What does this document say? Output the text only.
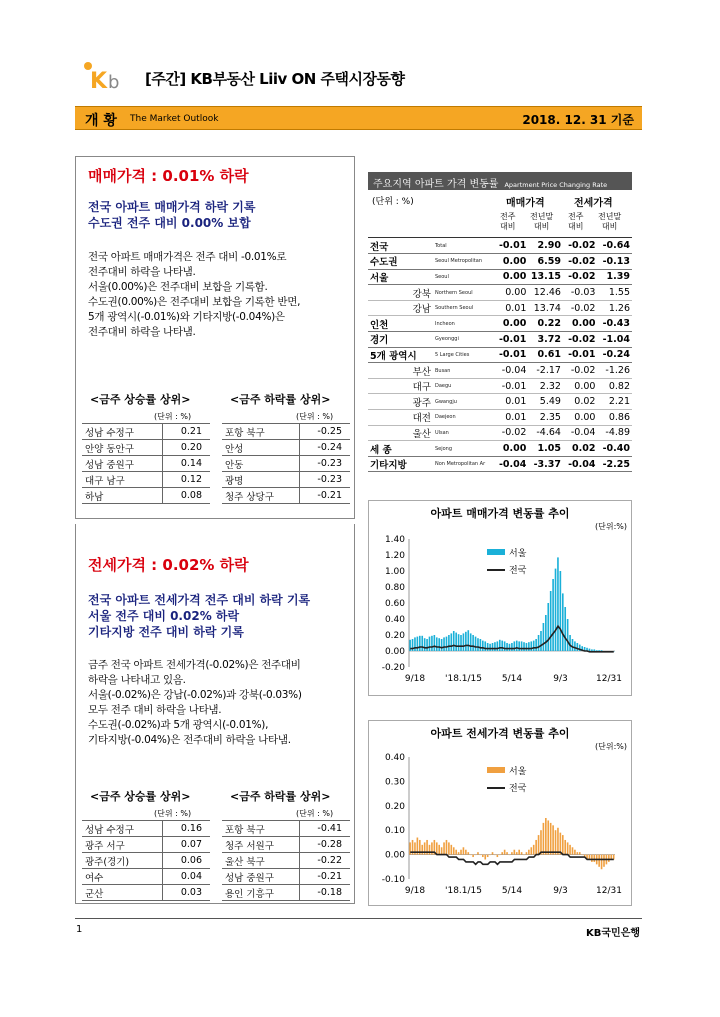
K b [주간] KB부동산 Liiv ON 주택시장동향
개 황 The Market Outlook	2018. 12. 31 기준
매매가격 : 0.01% 하락
전국 아파트 매매가격 하락 기록
수도권 전주 대비 0.00% 보합
전국 아파트 매매가격은 전주 대비 -0.01%로
전주대비 하락을 나타냄.
서울(0.00%)은 전주대비 보합을 기록함.
수도권(0.00%)은 전주대비 보합을 기록한 반면,
5개 광역시(-0.01%)와 기타지방(-0.04%)은
전주대비 하락을 나타냄.
<금주 상승률 상위>	<금주 하락률 상위>
(단위 : %)	(단위 : %)
성남 수정구	0.21
안양 동안구	0.20
성남 중원구	0.14
대구 남구	0.12
하남	0.08
포항 북구	-0.25
안성	-0.24
안동	-0.23
광명	-0.23
청주 상당구	-0.21
전세가격 : 0.02% 하락
전국 아파트 전세가격 전주 대비 하락 기록
서울 전주 대비 0.02% 하락
기타지방 전주 대비 하락 기록
금주 전국 아파트 전세가격(-0.02%)은 전주대비
하락을 나타내고 있음.
서울(-0.02%)은 강남(-0.02%)과 강북(-0.03%)
모두 전주 대비 하락을 나타냄.
수도권(-0.02%)과 5개 광역시(-0.01%),
기타지방(-0.04%)은 전주대비 하락을 나타냄.
<금주 상승률 상위>	<금주 하락률 상위>
(단위 : %)	(단위 : %)
성남 수정구	0.16
광주 서구	0.07
광주(경기)	0.06
여수	0.04
군산	0.03
포항 북구	-0.41
청주 서원구	-0.28
울산 북구	-0.22
성남 중원구	-0.21
용인 기흥구	-0.18
주요지역 아파트 가격 변동률 Apartment Price Changing Rate
(단위 : %)	매매가격	전세가격
전주
대비
전년말
대비
전주
대비
전년말
대비
전국	Total	-0.01	2.90	-0.02	-0.64
수도권	Seoul Metropolitan	0.00	6.59	-0.02	-0.13
서울	Seoul	0.00	13.15	-0.02	1.39
강북	Northern Seoul	0.00	12.46	-0.03	1.55
강남	Southern Seoul	0.01	13.74	-0.02	1.26
인천	Incheon	0.00	0.22	0.00	-0.43
경기	Gyeonggi	-0.01	3.72	-0.02	-1.04
5개 광역시	5 Large Cities	-0.01	0.61	-0.01	-0.24
부산	Busan	-0.04	-2.17	-0.02	-1.26
대구	Daegu	-0.01	2.32	0.00	0.82
광주	Gwangju	0.01	5.49	0.02	2.21
대전	Daejeon	0.01	2.35	0.00	0.86
울산	Ulsan	-0.02	-4.64	-0.04	-4.89
세 종	Sejong	0.00	1.05	0.02	-0.40
기타지방	Non Metropolitan Ar	-0.04	-3.37	-0.04	-2.25
아파트 매매가격 변동률 추이
1.40
1.20
1.00
0.80
0.60
0.40
0.20
0.00
-0.20
9/18 '18.1/15 5/14	9/3	12/31
서울
전국
(단위:%)
아파트 전세가격 변동률 추이
0.40
0.30
0.20
0.10
0.00
-0.10
9/18 '18.1/15 5/14	9/3	12/31
서울
전국
(단위:%)
1	KB국민은행
